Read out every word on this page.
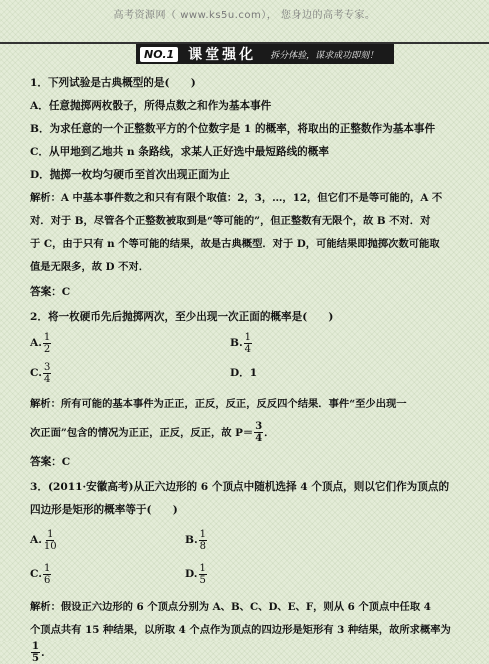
高考资源网（ www.ks5u.com）， 您身边的高考专家。
NO.1 课堂强化 拆分体验，谋求成功即刻！
1．下列试验是古典概型的是(　　)
A．任意抛掷两枚骰子，所得点数之和作为基本事件
B．为求任意的一个正整数平方的个位数字是 1 的概率，将取出的正整数作为基本事件
C．从甲地到乙地共 n 条路线，求某人正好选中最短路线的概率
D．抛掷一枚均匀硬币至首次出现正面为止
解析：A 中基本事件数之和只有有限个取值：2，3，…，12，但它们不是等可能的，A 不
对．对于 B，尽管各个正整数被取到是“等可能的”，但正整数有无限个，故 B 不对．对
于 C，由于只有 n 个等可能的结果，故是古典概型．对于 D，可能结果即抛掷次数可能取
值是无限多，故 D 不对．
答案：C
2．将一枚硬币先后抛掷两次，至少出现一次正面的概率是(　　)
A. $\frac{1}{2}$	B. $\frac{1}{4}$
C. $\frac{3}{4}$	D． 1
解析：所有可能的基本事件为正正，正反，反正，反反四个结果．事件“至少出现一
次正面”包含的情况为正正，正反，反正，故 $P= \frac{3}{4}$ ．
答案：C
3．(2011·安徽高考)从正六边形的 6 个顶点中随机选择 4 个顶点，则以它们作为顶点的
四边形是矩形的概率等于(　　)
A. $\frac{1}{10}$	B. $\frac{1}{8}$
C. $\frac{1}{6}$	D. $\frac{1}{5}$
解析：假设正六边形的 6 个顶点分别为 A、B、C、D、E、F，则从 6 个顶点中任取 4
个顶点共有 15 种结果，以所取 4 个点作为顶点的四边形是矩形有 3 种结果，故所求概率为
$\frac{1}{5}$ .
